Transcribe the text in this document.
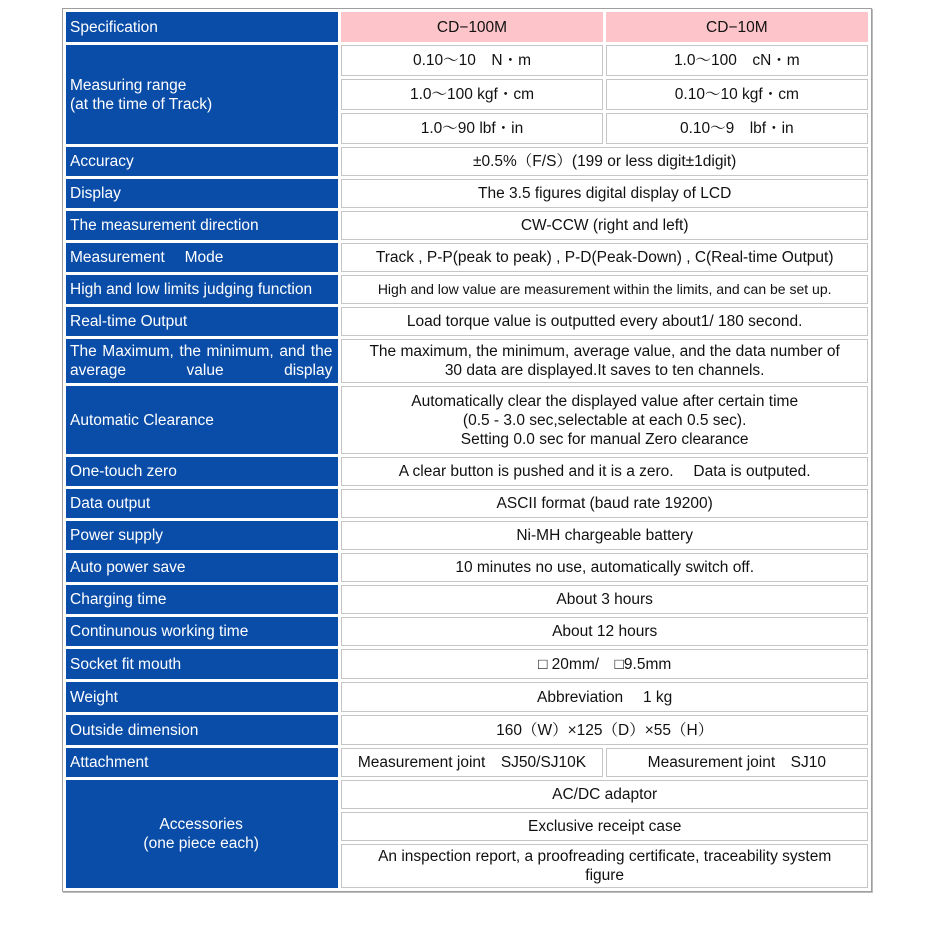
Specification	CD−100M	CD−10M
Measuring range
(at the time of Track)	0.10〜10　N・m	1.0〜100　cN・m
	1.0〜100 kgf・cm	0.10〜10 kgf・cm
	1.0〜90 lbf・in	0.10〜9　lbf・in
Accuracy	±0.5%（F/S）(199 or less digit±1digit)	
Display	The 3.5 figures digital display of LCD	
The measurement direction	CW-CCW (right and left)	
Measurement　 Mode	Track , P-P(peak to peak) , P-D(Peak-Down) , C(Real-time Output)	
High and low limits judging function	High and low value are measurement within the limits, and can be set up.	
Real-time Output	Load torque value is outputted every about1/ 180 second.	
The Maximum, the minimum, and the average value display	The maximum, the minimum, average value, and the data number of
30 data are displayed.It saves to ten channels.	
Automatic Clearance	Automatically clear the displayed value after certain time
(0.5 - 3.0 sec,selectable at each 0.5 sec).
Setting 0.0 sec for manual Zero clearance	
One-touch zero	A clear button is pushed and it is a zero.　 Data is outputed.	
Data output	ASCII format (baud rate 19200)	
Power supply	Ni-MH chargeable battery	
Auto power save	10 minutes no use, automatically switch off.	
Charging time	About 3 hours	
Continunous working time	About 12 hours	
Socket fit mouth	□ 20mm/　□9.5mm	
Weight	Abbreviation　 1 kg	
Outside dimension	160（W）×125（D）×55（H）	
Attachment	Measurement joint　SJ50/SJ10K	Measurement joint　SJ10
Accessories
(one piece each)	AC/DC adaptor	
	Exclusive receipt case	
	An inspection report, a proofreading certificate, traceability system
figure	
